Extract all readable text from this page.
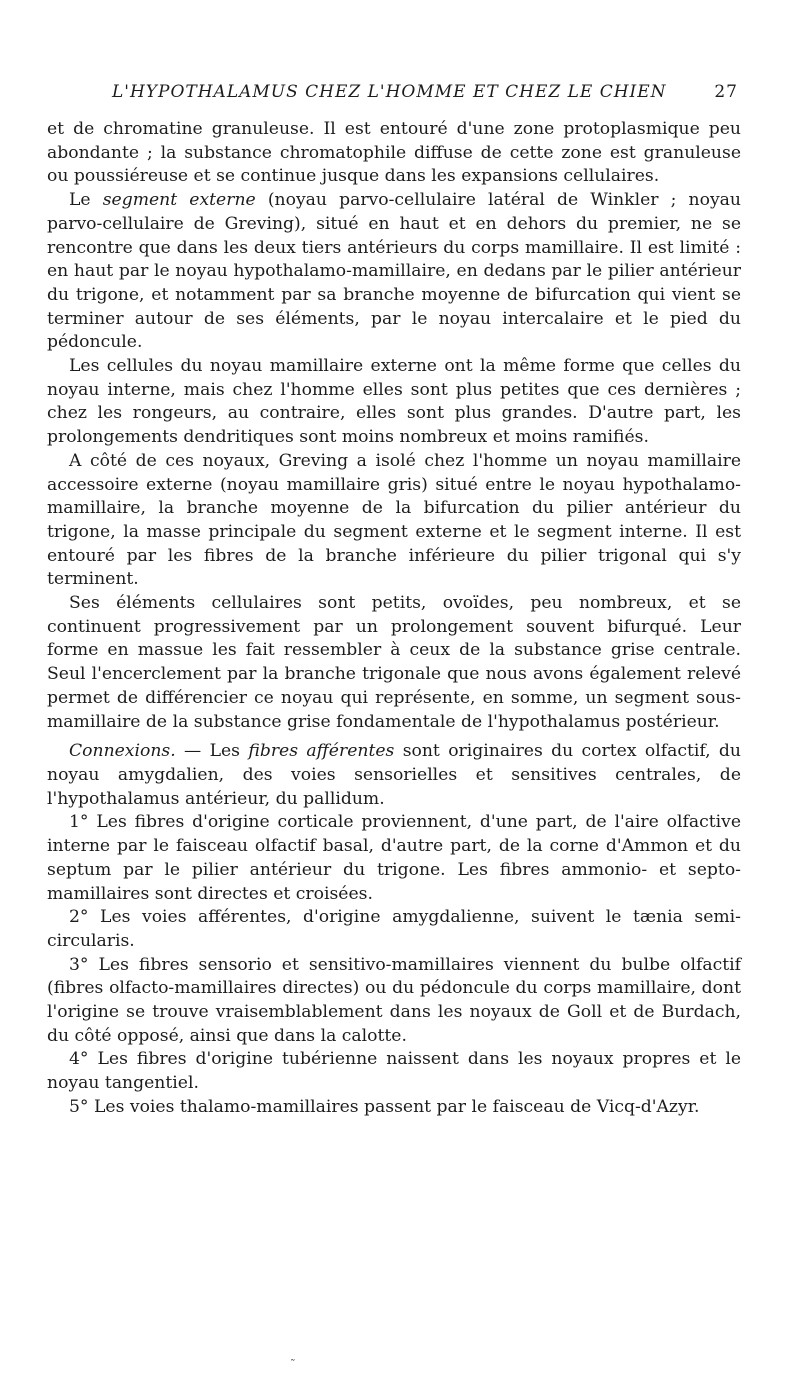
L'HYPOTHALAMUS CHEZ L'HOMME ET CHEZ LE CHIEN	27

et de chromatine granuleuse. Il est entouré d'une zone protoplasmique peu abondante ; la substance chromatophile diffuse de cette zone est granuleuse ou poussiéreuse et se continue jusque dans les expansions cellulaires.

Le segment externe (noyau parvo-cellulaire latéral de Winkler ; noyau parvo-cellulaire de Greving), situé en haut et en dehors du premier, ne se rencontre que dans les deux tiers antérieurs du corps mamillaire. Il est limité : en haut par le noyau hypothalamo-mamillaire, en dedans par le pilier antérieur du trigone, et notamment par sa branche moyenne de bifurcation qui vient se terminer autour de ses éléments, par le noyau intercalaire et le pied du pédoncule.

Les cellules du noyau mamillaire externe ont la même forme que celles du noyau interne, mais chez l'homme elles sont plus petites que ces dernières ; chez les rongeurs, au contraire, elles sont plus grandes. D'autre part, les prolongements dendritiques sont moins nombreux et moins ramifiés.

A côté de ces noyaux, Greving a isolé chez l'homme un noyau mamillaire accessoire externe (noyau mamillaire gris) situé entre le noyau hypothalamo-mamillaire, la branche moyenne de la bifurcation du pilier antérieur du trigone, la masse principale du segment externe et le segment interne. Il est entouré par les fibres de la branche inférieure du pilier trigonal qui s'y terminent.

Ses éléments cellulaires sont petits, ovoïdes, peu nombreux, et se continuent progressivement par un prolongement souvent bifurqué. Leur forme en massue les fait ressembler à ceux de la substance grise centrale. Seul l'encerclement par la branche trigonale que nous avons également relevé permet de différencier ce noyau qui représente, en somme, un segment sous-mamillaire de la substance grise fondamentale de l'hypothalamus postérieur.

Connexions. — Les fibres afférentes sont originaires du cortex olfactif, du noyau amygdalien, des voies sensorielles et sensitives centrales, de l'hypothalamus antérieur, du pallidum.

1° Les fibres d'origine corticale proviennent, d'une part, de l'aire olfactive interne par le faisceau olfactif basal, d'autre part, de la corne d'Ammon et du septum par le pilier antérieur du trigone. Les fibres ammonio- et septo-mamillaires sont directes et croisées.

2° Les voies afférentes, d'origine amygdalienne, suivent le tænia semi-circularis.

3° Les fibres sensorio et sensitivo-mamillaires viennent du bulbe olfactif (fibres olfacto-mamillaires directes) ou du pédoncule du corps mamillaire, dont l'origine se trouve vraisemblablement dans les noyaux de Goll et de Burdach, du côté opposé, ainsi que dans la calotte.

4° Les fibres d'origine tubérienne naissent dans les noyaux propres et le noyau tangentiel.

5° Les voies thalamo-mamillaires passent par le faisceau de Vicq-d'Azyr.

˜
